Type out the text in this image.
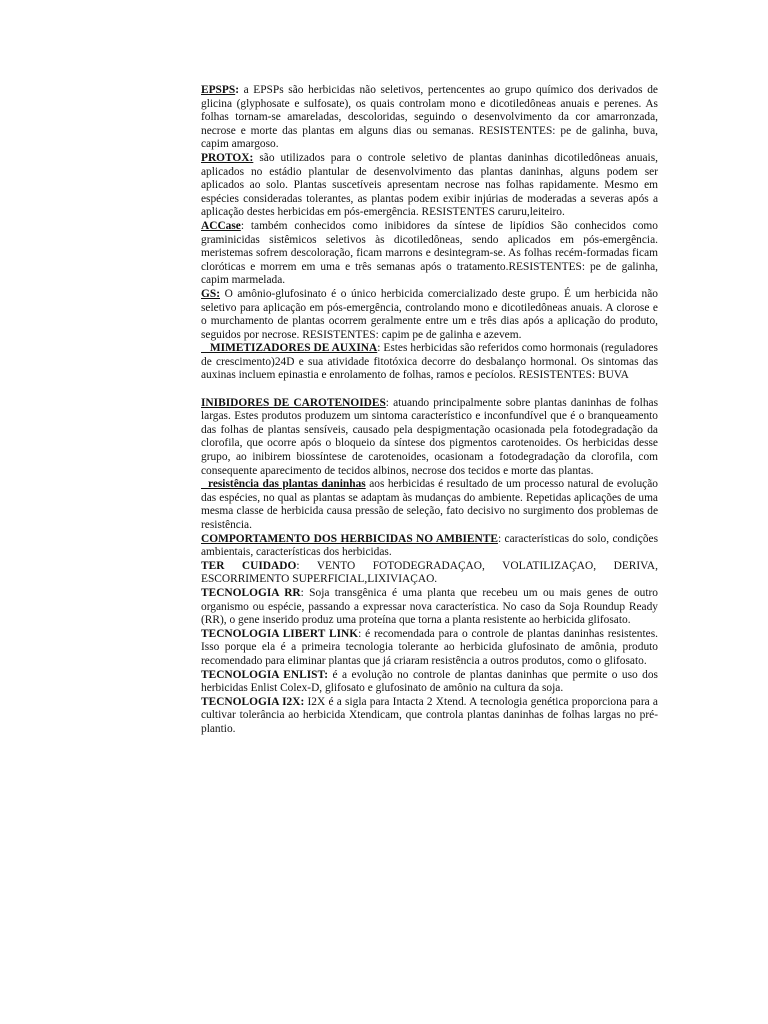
EPSPS: a EPSPs são herbicidas não seletivos, pertencentes ao grupo químico dos derivados de glicina (glyphosate e sulfosate), os quais controlam mono e dicotiledôneas anuais e perenes. As folhas tornam-se amareladas, descoloridas, seguindo o desenvolvimento da cor amarronzada, necrose e morte das plantas em alguns dias ou semanas. RESISTENTES: pe de galinha, buva, capim amargoso.

PROTOX: são utilizados para o controle seletivo de plantas daninhas dicotiledôneas anuais, aplicados no estádio plantular de desenvolvimento das plantas daninhas, alguns podem ser aplicados ao solo. Plantas suscetíveis apresentam necrose nas folhas rapidamente. Mesmo em espécies consideradas tolerantes, as plantas podem exibir injúrias de moderadas a severas após a aplicação destes herbicidas em pós-emergência. RESISTENTES caruru,leiteiro.

ACCase: também conhecidos como inibidores da síntese de lipídios São conhecidos como graminicidas sistêmicos seletivos às dicotiledôneas, sendo aplicados em pós-emergência. meristemas sofrem descoloração, ficam marrons e desintegram-se. As folhas recém-formadas ficam cloróticas e morrem em uma e três semanas após o tratamento.RESISTENTES: pe de galinha, capim marmelada.

GS: O amônio-glufosinato é o único herbicida comercializado deste grupo. É um herbicida não seletivo para aplicação em pós-emergência, controlando mono e dicotiledôneas anuais. A clorose e o murchamento de plantas ocorrem geralmente entre um e três dias após a aplicação do produto, seguidos por necrose. RESISTENTES: capim pe de galinha e azevem.

MIMETIZADORES DE AUXINA: Estes herbicidas são referidos como hormonais (reguladores de crescimento)24D e sua atividade fitotóxica decorre do desbalanço hormonal. Os sintomas das auxinas incluem epinastia e enrolamento de folhas, ramos e pecíolos. RESISTENTES: BUVA

INIBIDORES DE CAROTENOIDES: atuando principalmente sobre plantas daninhas de folhas largas. Estes produtos produzem um sintoma característico e inconfundível que é o branqueamento das folhas de plantas sensíveis, causado pela despigmentação ocasionada pela fotodegradação da clorofila, que ocorre após o bloqueio da síntese dos pigmentos carotenoides. Os herbicidas desse grupo, ao inibirem biossíntese de carotenoides, ocasionam a fotodegradação da clorofila, com consequente aparecimento de tecidos albinos, necrose dos tecidos e morte das plantas.

resistência das plantas daninhas aos herbicidas é resultado de um processo natural de evolução das espécies, no qual as plantas se adaptam às mudanças do ambiente. Repetidas aplicações de uma mesma classe de herbicida causa pressão de seleção, fato decisivo no surgimento dos problemas de resistência.

COMPORTAMENTO DOS HERBICIDAS NO AMBIENTE: características do solo, condições ambientais, características dos herbicidas.

TER CUIDADO: VENTO FOTODEGRADAÇAO, VOLATILIZAÇAO, DERIVA, ESCORRIMENTO SUPERFICIAL,LIXIVIAÇAO.

TECNOLOGIA RR: Soja transgênica é uma planta que recebeu um ou mais genes de outro organismo ou espécie, passando a expressar nova característica. No caso da Soja Roundup Ready (RR), o gene inserido produz uma proteína que torna a planta resistente ao herbicida glifosato.

TECNOLOGIA LIBERT LINK: é recomendada para o controle de plantas daninhas resistentes. Isso porque ela é a primeira tecnologia tolerante ao herbicida glufosinato de amônia, produto recomendado para eliminar plantas que já criaram resistência a outros produtos, como o glifosato.

TECNOLOGIA ENLIST: é a evolução no controle de plantas daninhas que permite o uso dos herbicidas Enlist Colex-D, glifosato e glufosinato de amônio na cultura da soja.

TECNOLOGIA I2X: I2X é a sigla para Intacta 2 Xtend. A tecnologia genética proporciona para a cultivar tolerância ao herbicida Xtendicam, que controla plantas daninhas de folhas largas no pré-plantio.
